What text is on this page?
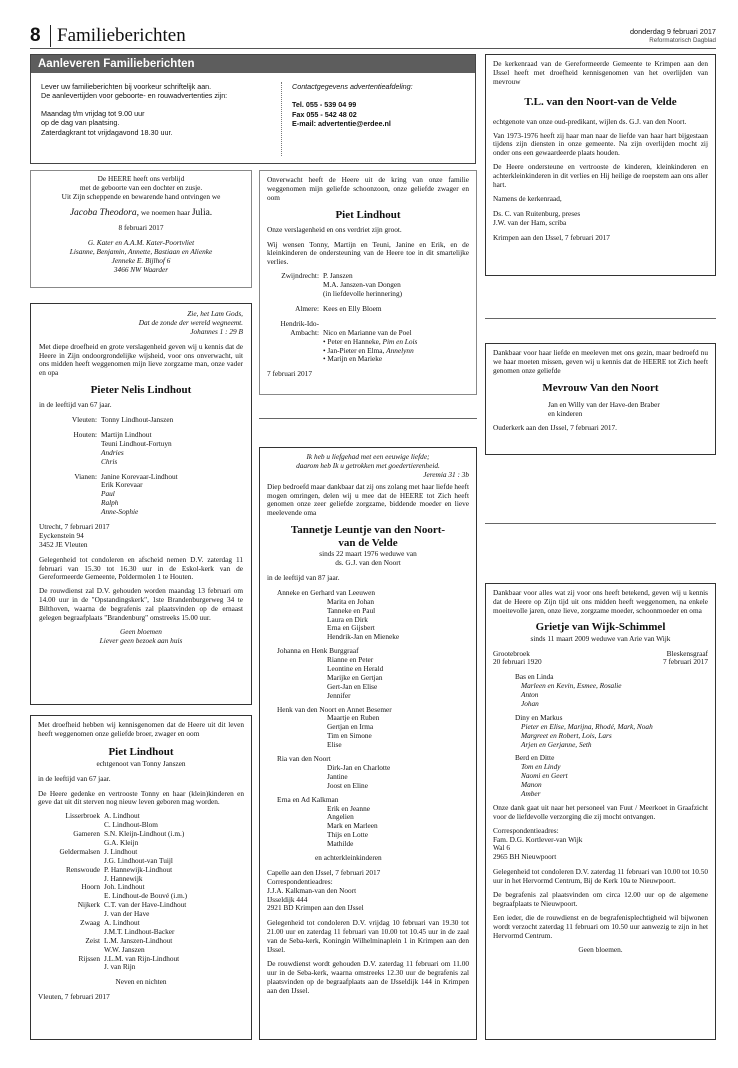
8 Familieberichten	donderdag 9 februari 2017
Reformatorisch Dagblad
Aanleveren Familieberichten
Lever uw familieberichten bij voorkeur schriftelijk aan.
De aanlevertijden voor geboorte- en rouwadvertenties zijn:
Maandag t/m vrijdag tot 9.00 uur
op de dag van plaatsing.
Zaterdagkrant tot vrijdagavond 18.30 uur.
Contactgegevens advertentieafdeling:
Tel. 055 - 539 04 99
Fax 055 - 542 48 02
E-mail: advertentie@erdee.nl
De HEERE heeft ons verblijd
met de geboorte van een dochter en zusje.
Uit Zijn scheppende en bewarende hand ontvingen we
Jacoba Theodora, we noemen haar Julia.
8 februari 2017
G. Kater en A.A.M. Kater-Poortvliet
Lisanne, Benjamin, Annette, Bastiaan en Alienke
Jenneke E. Bijlhof 6
3466 NW Waarder
Zie, het Lam Gods,
Dat de zonde der wereld wegneemt.
Johannes 1 : 29 B

Met diepe droefheid en grote verslagenheid geven wij u kennis dat de Heere in Zijn ondoorgrondelijke wijsheid, voor ons onverwacht, uit ons midden heeft weggenomen mijn lieve zorgzame man, onze vader en opa

Pieter Nelis Lindhout
in de leeftijd van 67 jaar.
Vleuten: Tonny Lindhout-Janszen
Houten: Martijn Lindhout
Teuni Lindhout-Fortuyn
Andries
Chris
Vianen: Janine Korevaar-Lindhout
Erik Korevaar
Paul
Ralph
Anne-Sophie
Utrecht, 7 februari 2017
Eyckenstein 94
3452 JE Vleuten

Gelegenheid tot condoleren en afscheid nemen D.V. zaterdag 11 februari van 15.30 tot 16.30 uur in de Eskol-kerk van de Gereformeerde Gemeente, Poldermolen 1 te Houten.

De rouwdienst zal D.V. gehouden worden maandag 13 februari om 14.00 uur in de "Opstandingskerk", 1ste Brandenburgerweg 34 te Bilthoven, waarna de begrafenis zal plaatsvinden op de ernaast gelegen begraafplaats "Brandenburg" omstreeks 15.00 uur.

Geen bloemen
Liever geen bezoek aan huis

Met droefheid hebben wij kennisgenomen dat de Heere uit dit leven heeft weggenomen onze geliefde broer, zwager en oom

Piet Lindhout
echtgenoot van Tonny Janszen
in de leeftijd van 67 jaar.

De Heere gedenke en vertrooste Tonny en haar (klein)kinderen en geve dat uit dit sterven nog nieuw leven geboren mag worden.

Lisserbroek A. Lindhout
C. Lindhout-Blom
Gameren S.N. Kleijn-Lindhout (i.m.)
G.A. Kleijn
Geldermalsen J. Lindhout
J.G. Lindhout-van Tuijl
Renswoude P. Hannewijk-Lindhout
J. Hannewijk
Hoorn Joh. Lindhout
E. Lindhout-de Bouvé (i.m.)
Nijkerk C.T. van der Have-Lindhout
J. van der Have
Zwaag A. Lindhout
J.M.T. Lindhout-Backer
Zeist L.M. Janszen-Lindhout
W.W. Janszen
Rijssen J.L.M. van Rijn-Lindhout
J. van Rijn
Neven en nichten
Vleuten, 7 februari 2017

Onverwacht heeft de Heere uit de kring van onze familie weggenomen mijn geliefde schoonzoon, onze geliefde zwager en oom

Piet Lindhout
Onze verslagenheid en ons verdriet zijn groot.

Wij wensen Tonny, Martijn en Teuni, Janine en Erik, en de kleinkinderen de ondersteuning van de Heere toe in dit smartelijke verlies.

Zwijndrecht: P. Janszen
M.A. Janszen-van Dongen
(in liefdevolle herinnering)
Almere: Kees en Elly Bloem
Hendrik-Ido-
Ambacht: Nico en Marianne van de Poel
• Peter en Hanneke, Pim en Lois
• Jan-Pieter en Elma, Annelynn
• Marijn en Marieke
7 februari 2017
Ik heb u liefgehad met een eeuwige liefde;
daarom heb Ik u getrokken met goedertierenheid.
Jeremia 31 : 3b

Diep bedroefd maar dankbaar dat zij ons zolang met haar liefde heeft mogen omringen, delen wij u mee dat de HEERE tot Zich heeft genomen onze zeer geliefde zorgzame, biddende moeder en lieve meelevende oma

Tannetje Leuntje van den Noort-
van de Velde
sinds 22 maart 1976 weduwe van
ds. G.J. van den Noort
in de leeftijd van 87 jaar.
Anneke en Gerhard van Leeuwen
Marita en Johan
Tanneke en Paul
Laura en Dirk
Erna en Gijsbert
Hendrik-Jan en Mieneke
Johanna en Henk Burggraaf
Rianne en Peter
Leontine en Herald
Marijke en Gertjan
Gert-Jan en Elise
Jennifer
Henk van den Noort en Annet Besemer
Maartje en Ruben
Gertjan en Irma
Tim en Simone
Elise
Ria van den Noort
Dirk-Jan en Charlotte
Jantine
Joost en Eline
Erna en Ad Kalkman
Erik en Jeanne
Angelien
Mark en Marleen
Thijs en Lotte
Mathilde
en achterkleinkinderen
Capelle aan den IJssel, 7 februari 2017
Correspondentieadres:
J.J.A. Kalkman-van den Noort
IJsseldijk 444
2921 BD Krimpen aan den IJssel

Gelegenheid tot condoleren D.V. vrijdag 10 februari van 19.30 tot 21.00 uur en zaterdag 11 februari van 10.00 tot 10.45 uur in de zaal van de Seba-kerk, Koningin Wilhelminaplein 1 in Krimpen aan den IJssel.

De rouwdienst wordt gehouden D.V. zaterdag 11 februari om 11.00 uur in de Seba-kerk, waarna omstreeks 12.30 uur de begrafenis zal plaatsvinden op de begraafplaats aan de IJsseldijk 144 in Krimpen aan den IJssel.

De kerkenraad van de Gereformeerde Gemeente te Krimpen aan den IJssel heeft met droefheid kennisgenomen van het overlijden van mevrouw

T.L. van den Noort-van de Velde

echtgenote van onze oud-predikant, wijlen ds. G.J. van den Noort.

Van 1973-1976 heeft zij haar man naar de liefde van haar hart bijgestaan tijdens zijn diensten in onze gemeente. Na zijn overlijden mocht zij onder ons een gewaardeerde plaats houden.

De Heere ondersteune en vertrooste de kinderen, kleinkinderen en achterkleinkinderen in dit verlies en Hij heilige de roepstem aan ons aller hart.

Namens de kerkenraad,
Ds. C. van Ruitenburg, preses
J.W. van der Ham, scriba
Krimpen aan den IJssel, 7 februari 2017

Dankbaar voor haar liefde en meeleven met ons gezin, maar bedroefd nu we haar moeten missen, geven wij u kennis dat de HEERE tot Zich heeft genomen onze geliefde

Mevrouw Van den Noort
Jan en Willy van der Have-den Braber
en kinderen
Ouderkerk aan den IJssel, 7 februari 2017.

Dankbaar voor alles wat zij voor ons heeft betekend, geven wij u kennis dat de Heere op Zijn tijd uit ons midden heeft weggenomen, na enkele moeitevolle jaren, onze lieve, zorgzame moeder, schoonmoeder en oma

Grietje van Wijk-Schimmel
sinds 11 maart 2009 weduwe van Arie van Wijk
Grootebroek
20 februari 1920
Bleskensgraaf
7 februari 2017
Bas en Linda
Marleen en Kevin, Esmee, Rosalie
Anton
Johan
Diny en Markus
Pieter en Elise, Marijna, Rhodé, Mark, Noah
Margreet en Robert, Lois, Lars
Arjen en Gerjanne, Seth
Berd en Ditte
Tom en Lindy
Naomi en Geert
Manon
Amber

Onze dank gaat uit naar het personeel van Fuut / Meerkoet in Graafzicht voor de liefdevolle verzorging die zij mocht ontvangen.

Correspondentieadres:
Fam. D.G. Kortlever-van Wijk
Wal 6
2965 BH Nieuwpoort

Gelegenheid tot condoleren D.V. zaterdag 11 februari van 10.00 tot 10.50 uur in het Hervormd Centrum, Bij de Kerk 10a te Nieuwpoort.

De begrafenis zal plaatsvinden om circa 12.00 uur op de algemene begraafplaats te Nieuwpoort.

Een ieder, die de rouwdienst en de begrafenisplechtigheid wil bijwonen wordt verzocht zaterdag 11 februari om 10.50 uur aanwezig te zijn in het Hervormd Centrum.

Geen bloemen.
